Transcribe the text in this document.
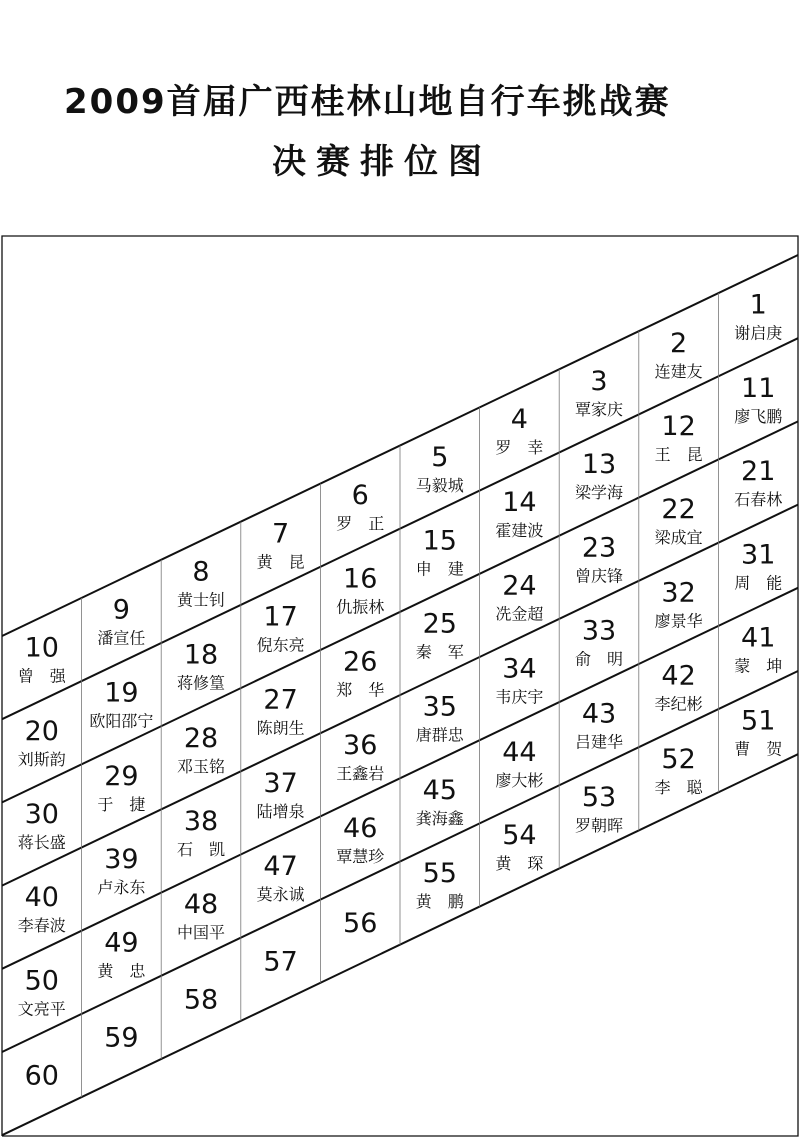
2009首届广西桂林山地自行车挑战赛
决赛排位图
1
谢启庚
2
连建友
3
覃家庆
4
罗　幸
5
马毅城
6
罗　正
7
黄　昆
8
黄士钊
9
潘宣任
10
曾　强
11
廖飞鹏
12
王　昆
13
梁学海
14
霍建波
15
申　建
16
仇振林
17
倪东亮
18
蒋修篁
19
欧阳邵宁
20
刘斯韵
21
石春林
22
梁成宜
23
曾庆锋
24
冼金超
25
秦　军
26
郑　华
27
陈朗生
28
邓玉铭
29
于　捷
30
蒋长盛
31
周　能
32
廖景华
33
俞　明
34
韦庆宇
35
唐群忠
36
王鑫岩
37
陆增泉
38
石　凯
39
卢永东
40
李春波
41
蒙　坤
42
李纪彬
43
吕建华
44
廖大彬
45
龚海鑫
46
覃慧珍
47
莫永诚
48
中国平
49
黄　忠
50
文亮平
51
曹　贺
52
李　聪
53
罗朝晖
54
黄　琛
55
黄　鹏
56
57
58
59
60
